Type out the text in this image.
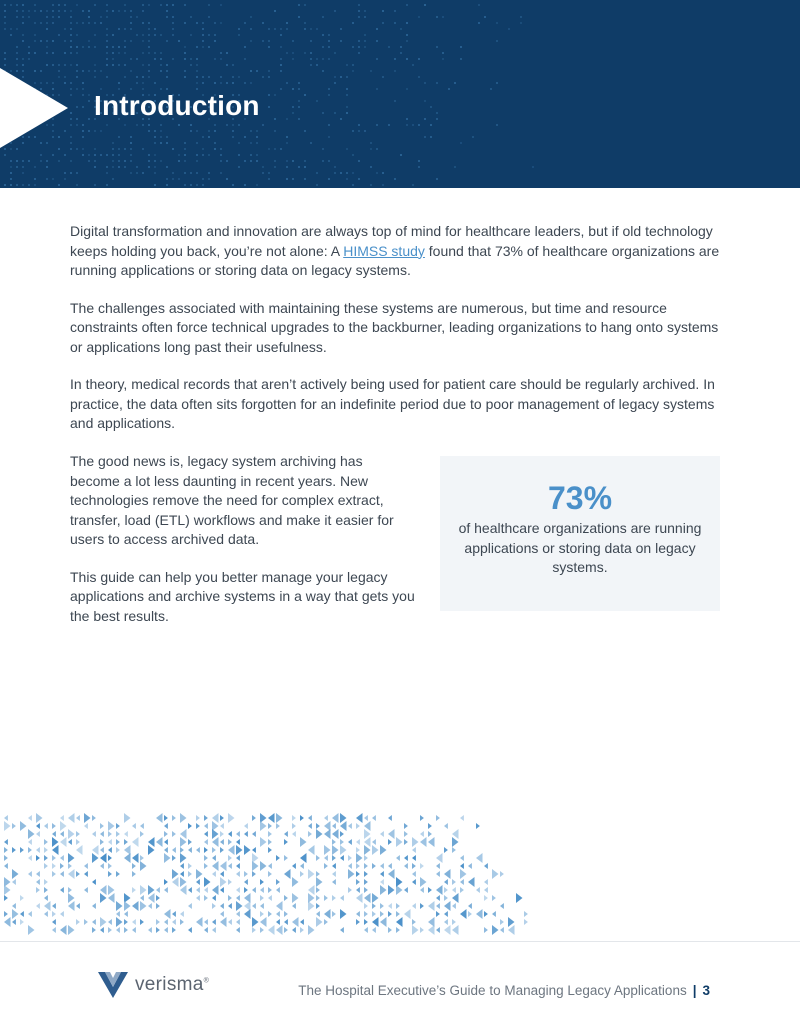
Introduction

Digital transformation and innovation are always top of mind for healthcare leaders, but if old technology keeps holding you back, you’re not alone: A HIMSS study found that 73% of healthcare organizations are running applications or storing data on legacy systems.

The challenges associated with maintaining these systems are numerous, but time and resource constraints often force technical upgrades to the backburner, leading organizations to hang onto systems or applications long past their usefulness.

In theory, medical records that aren’t actively being used for patient care should be regularly archived. In practice, the data often sits forgotten for an indefinite period due to poor management of legacy systems and applications.

The good news is, legacy system archiving has become a lot less daunting in recent years. New technologies remove the need for complex extract, transfer, load (ETL) workflows and make it easier for users to access archived data.

This guide can help you better manage your legacy applications and archive systems in a way that gets you the best results.

73%
of healthcare organizations are running applications or storing data on legacy systems.
verisma®
The Hospital Executive’s Guide to Managing Legacy Applications | 3
